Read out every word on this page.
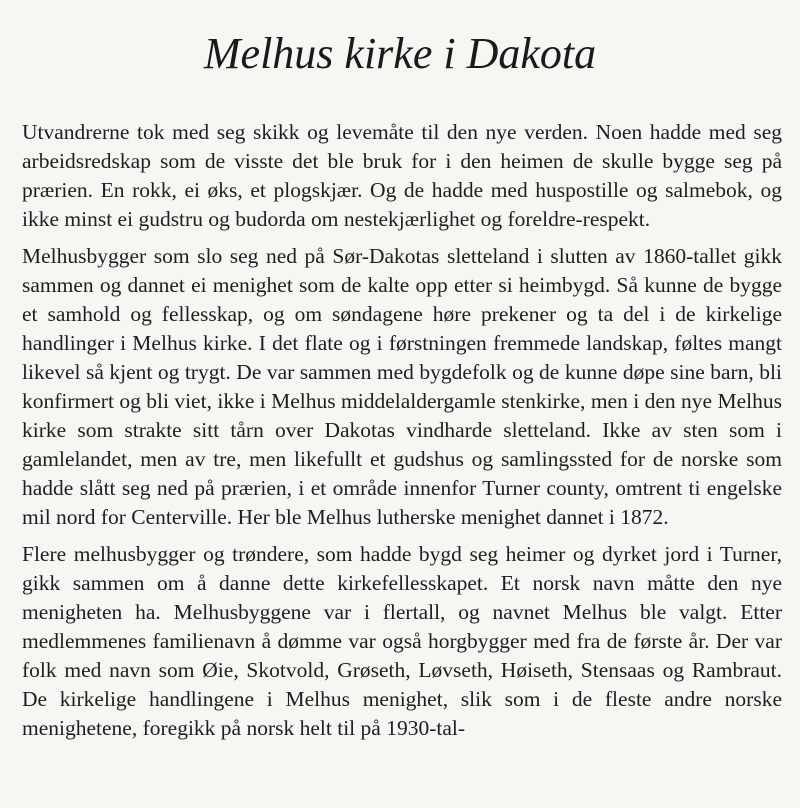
Melhus kirke i Dakota

Utvandrerne tok med seg skikk og levemåte til den nye verden. Noen hadde med seg arbeidsredskap som de visste det ble bruk for i den heimen de skulle bygge seg på prærien. En rokk, ei øks, et plogskjær. Og de hadde med huspostille og salmebok, og ikke minst ei gudstru og budorda om nestekjærlighet og foreldre-respekt.

Melhusbygger som slo seg ned på Sør-Dakotas sletteland i slutten av 1860-tallet gikk sammen og dannet ei menighet som de kalte opp etter si heimbygd. Så kunne de bygge et samhold og fellesskap, og om søndagene høre prekener og ta del i de kirkelige handlinger i Melhus kirke. I det flate og i førstningen fremmede landskap, føltes mangt likevel så kjent og trygt. De var sammen med bygdefolk og de kunne døpe sine barn, bli konfirmert og bli viet, ikke i Melhus middelaldergamle stenkirke, men i den nye Melhus kirke som strakte sitt tårn over Dakotas vindharde sletteland. Ikke av sten som i gamlelandet, men av tre, men likefullt et gudshus og samlingssted for de norske som hadde slått seg ned på prærien, i et område innenfor Turner county, omtrent ti engelske mil nord for Centerville. Her ble Melhus lutherske menighet dannet i 1872.

Flere melhusbygger og trøndere, som hadde bygd seg heimer og dyrket jord i Turner, gikk sammen om å danne dette kirkefellesskapet. Et norsk navn måtte den nye menigheten ha. Melhusbyggene var i flertall, og navnet Melhus ble valgt. Etter medlemmenes familienavn å dømme var også horgbygger med fra de første år. Der var folk med navn som Øie, Skotvold, Grøseth, Løvseth, Høiseth, Stensaas og Rambraut. De kirkelige handlingene i Melhus menighet, slik som i de fleste andre norske menighetene, foregikk på norsk helt til på 1930-tal-
